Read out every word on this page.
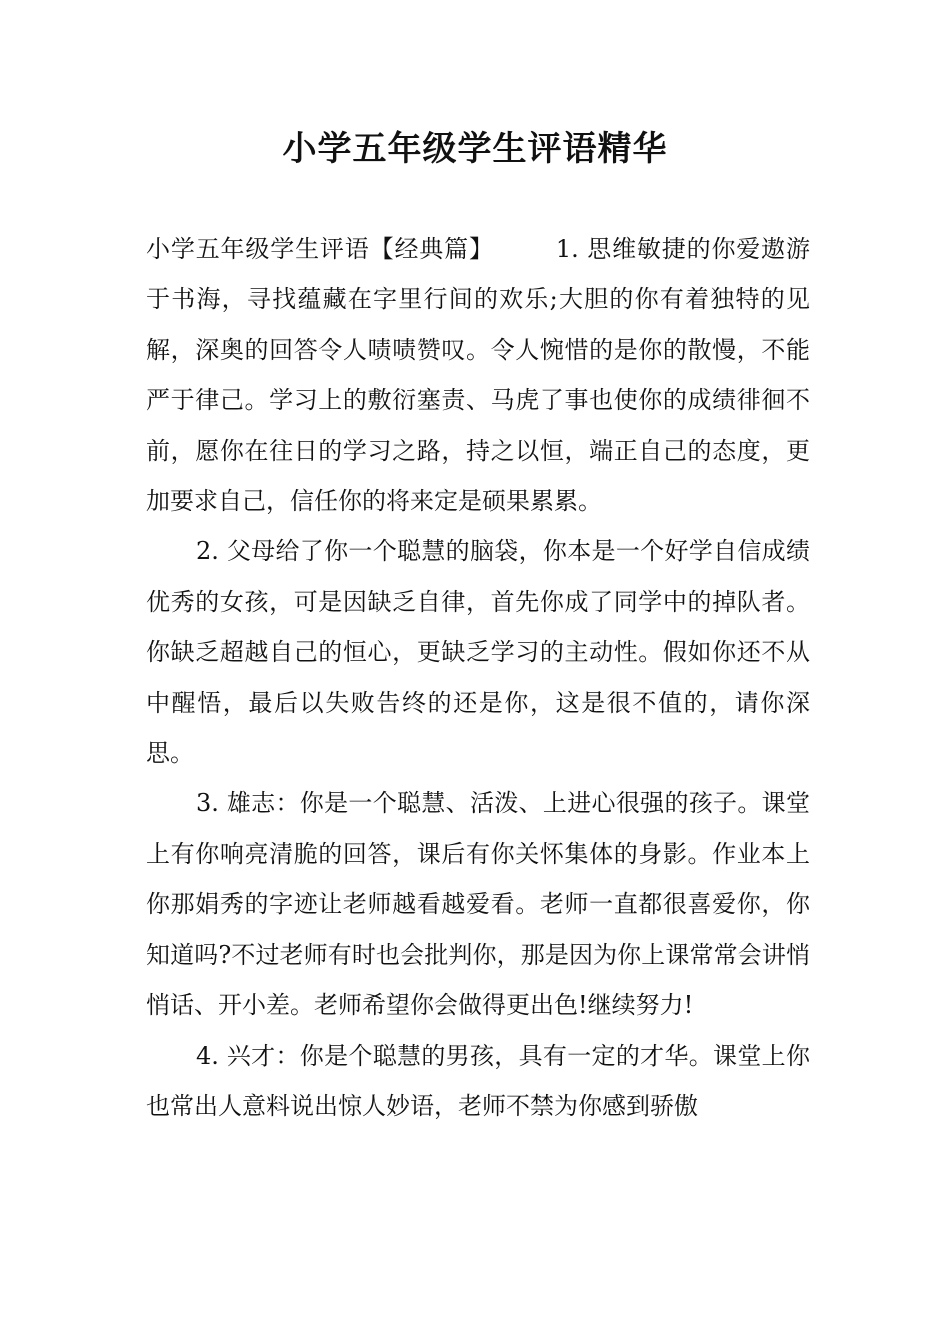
小学五年级学生评语精华

小学五年级学生评语【经典篇】	1. 思维敏捷的你爱遨游于书海，寻找蕴藏在字里行间的欢乐;大胆的你有着独特的见解，深奥的回答令人啧啧赞叹。令人惋惜的是你的散慢，不能严于律己。学习上的敷衍塞责、马虎了事也使你的成绩徘徊不前，愿你在往日的学习之路，持之以恒，端正自己的态度，更加要求自己，信任你的将来定是硕果累累。

2. 父母给了你一个聪慧的脑袋，你本是一个好学自信成绩优秀的女孩，可是因缺乏自律，首先你成了同学中的掉队者。你缺乏超越自己的恒心，更缺乏学习的主动性。假如你还不从中醒悟，最后以失败告终的还是你，这是很不值的，请你深思。

3. 雄志：你是一个聪慧、活泼、上进心很强的孩子。课堂上有你响亮清脆的回答，课后有你关怀集体的身影。作业本上你那娟秀的字迹让老师越看越爱看。老师一直都很喜爱你，你知道吗?不过老师有时也会批判你，那是因为你上课常常会讲悄悄话、开小差。老师希望你会做得更出色!继续努力!

4. 兴才：你是个聪慧的男孩，具有一定的才华。课堂上你也常出人意料说出惊人妙语，老师不禁为你感到骄傲
